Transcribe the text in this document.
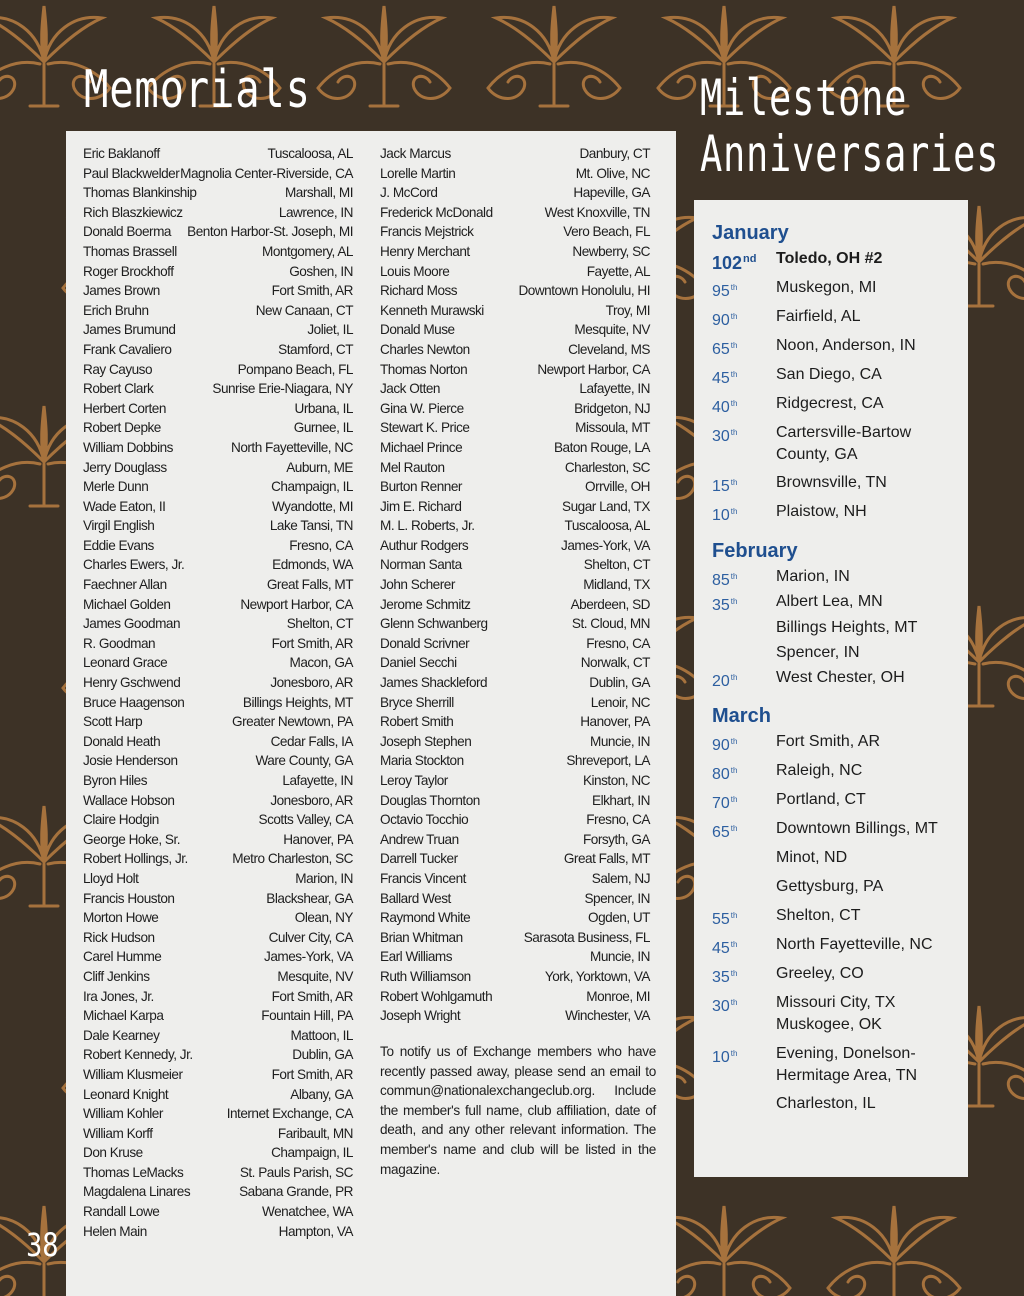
Memorials	Milestone
Anniversaries
Eric Baklanoff	Tuscaloosa, AL
Paul Blackwelder Magnolia Center-Riverside, CA
Thomas Blankinship	Marshall, MI
Rich Blaszkiewicz	Lawrence, IN
Donald Boerma Benton Harbor-St. Joseph, MI
Thomas Brassell	Montgomery, AL
Roger Brockhoff	Goshen, IN
James Brown	Fort Smith, AR
Erich Bruhn	New Canaan, CT
James Brumund	Joliet, IL
Frank Cavaliero	Stamford, CT
Ray Cayuso	Pompano Beach, FL
Robert Clark	Sunrise Erie-Niagara, NY
Herbert Corten	Urbana, IL
Robert Depke	Gurnee, IL
William Dobbins	North Fayetteville, NC
Jerry Douglass	Auburn, ME
Merle Dunn	Champaign, IL
Wade Eaton, II	Wyandotte, MI
Virgil English	Lake Tansi, TN
Eddie Evans	Fresno, CA
Charles Ewers, Jr.	Edmonds, WA
Faechner Allan	Great Falls, MT
Michael Golden	Newport Harbor, CA
James Goodman	Shelton, CT
R. Goodman	Fort Smith, AR
Leonard Grace	Macon, GA
Henry Gschwend	Jonesboro, AR
Bruce Haagenson	Billings Heights, MT
Scott Harp	Greater Newtown, PA
Donald Heath	Cedar Falls, IA
Josie Henderson	Ware County, GA
Byron Hiles	Lafayette, IN
Wallace Hobson	Jonesboro, AR
Claire Hodgin	Scotts Valley, CA
George Hoke, Sr.	Hanover, PA
Robert Hollings, Jr.	Metro Charleston, SC
Lloyd Holt	Marion, IN
Francis Houston	Blackshear, GA
Morton Howe	Olean, NY
Rick Hudson	Culver City, CA
Carel Humme	James-York, VA
Cliff Jenkins	Mesquite, NV
Ira Jones, Jr.	Fort Smith, AR
Michael Karpa	Fountain Hill, PA
Dale Kearney	Mattoon, IL
Robert Kennedy, Jr.	Dublin, GA
William Klusmeier	Fort Smith, AR
Leonard Knight	Albany, GA
William Kohler	Internet Exchange, CA
William Korff	Faribault, MN
Don Kruse	Champaign, IL
Thomas LeMacks	St. Pauls Parish, SC
Magdalena Linares	Sabana Grande, PR
Randall Lowe	Wenatchee, WA
Helen Main	Hampton, VA
Jack Marcus	Danbury, CT
Lorelle Martin	Mt. Olive, NC
J. McCord	Hapeville, GA
Frederick McDonald	West Knoxville, TN
Francis Mejstrick	Vero Beach, FL
Henry Merchant	Newberry, SC
Louis Moore	Fayette, AL
Richard Moss	Downtown Honolulu, HI
Kenneth Murawski	Troy, MI
Donald Muse	Mesquite, NV
Charles Newton	Cleveland, MS
Thomas Norton	Newport Harbor, CA
Jack Otten	Lafayette, IN
Gina W. Pierce	Bridgeton, NJ
Stewart K. Price	Missoula, MT
Michael Prince	Baton Rouge, LA
Mel Rauton	Charleston, SC
Burton Renner	Orrville, OH
Jim E. Richard	Sugar Land, TX
M. L. Roberts, Jr.	Tuscaloosa, AL
Authur Rodgers	James-York, VA
Norman Santa	Shelton, CT
John Scherer	Midland, TX
Jerome Schmitz	Aberdeen, SD
Glenn Schwanberg	St. Cloud, MN
Donald Scrivner	Fresno, CA
Daniel Secchi	Norwalk, CT
James Shackleford	Dublin, GA
Bryce Sherrill	Lenoir, NC
Robert Smith	Hanover, PA
Joseph Stephen	Muncie, IN
Maria Stockton	Shreveport, LA
Leroy Taylor	Kinston, NC
Douglas Thornton	Elkhart, IN
Octavio Tocchio	Fresno, CA
Andrew Truan	Forsyth, GA
Darrell Tucker	Great Falls, MT
Francis Vincent	Salem, NJ
Ballard West	Spencer, IN
Raymond White	Ogden, UT
Brian Whitman	Sarasota Business, FL
Earl Williams	Muncie, IN
Ruth Williamson	York, Yorktown, VA
Robert Wohlgamuth	Monroe, MI
Joseph Wright	Winchester, VA

To notify us of Exchange members who have recently passed away, please send an email to commun@nationalexchangeclub.org. Include the member's full name, club affiliation, date of death, and any other relevant information. The member's name and club will be listed in the magazine.

January
102nd Toledo, OH #2
95th Muskegon, MI
90th Fairfield, AL
65th Noon, Anderson, IN
45th San Diego, CA
40th Ridgecrest, CA
30th Cartersville-Bartow County, GA
15th Brownsville, TN
10th Plaistow, NH
February
85th Marion, IN
35th Albert Lea, MN
Billings Heights, MT
Spencer, IN
20th West Chester, OH
March
90th Fort Smith, AR
80th Raleigh, NC
70th Portland, CT
65th Downtown Billings, MT
Minot, ND
Gettysburg, PA
55th Shelton, CT
45th North Fayetteville, NC
35th Greeley, CO
30th Missouri City, TX Muskogee, OK
10th Evening, Donelson-Hermitage Area, TN
Charleston, IL

38
